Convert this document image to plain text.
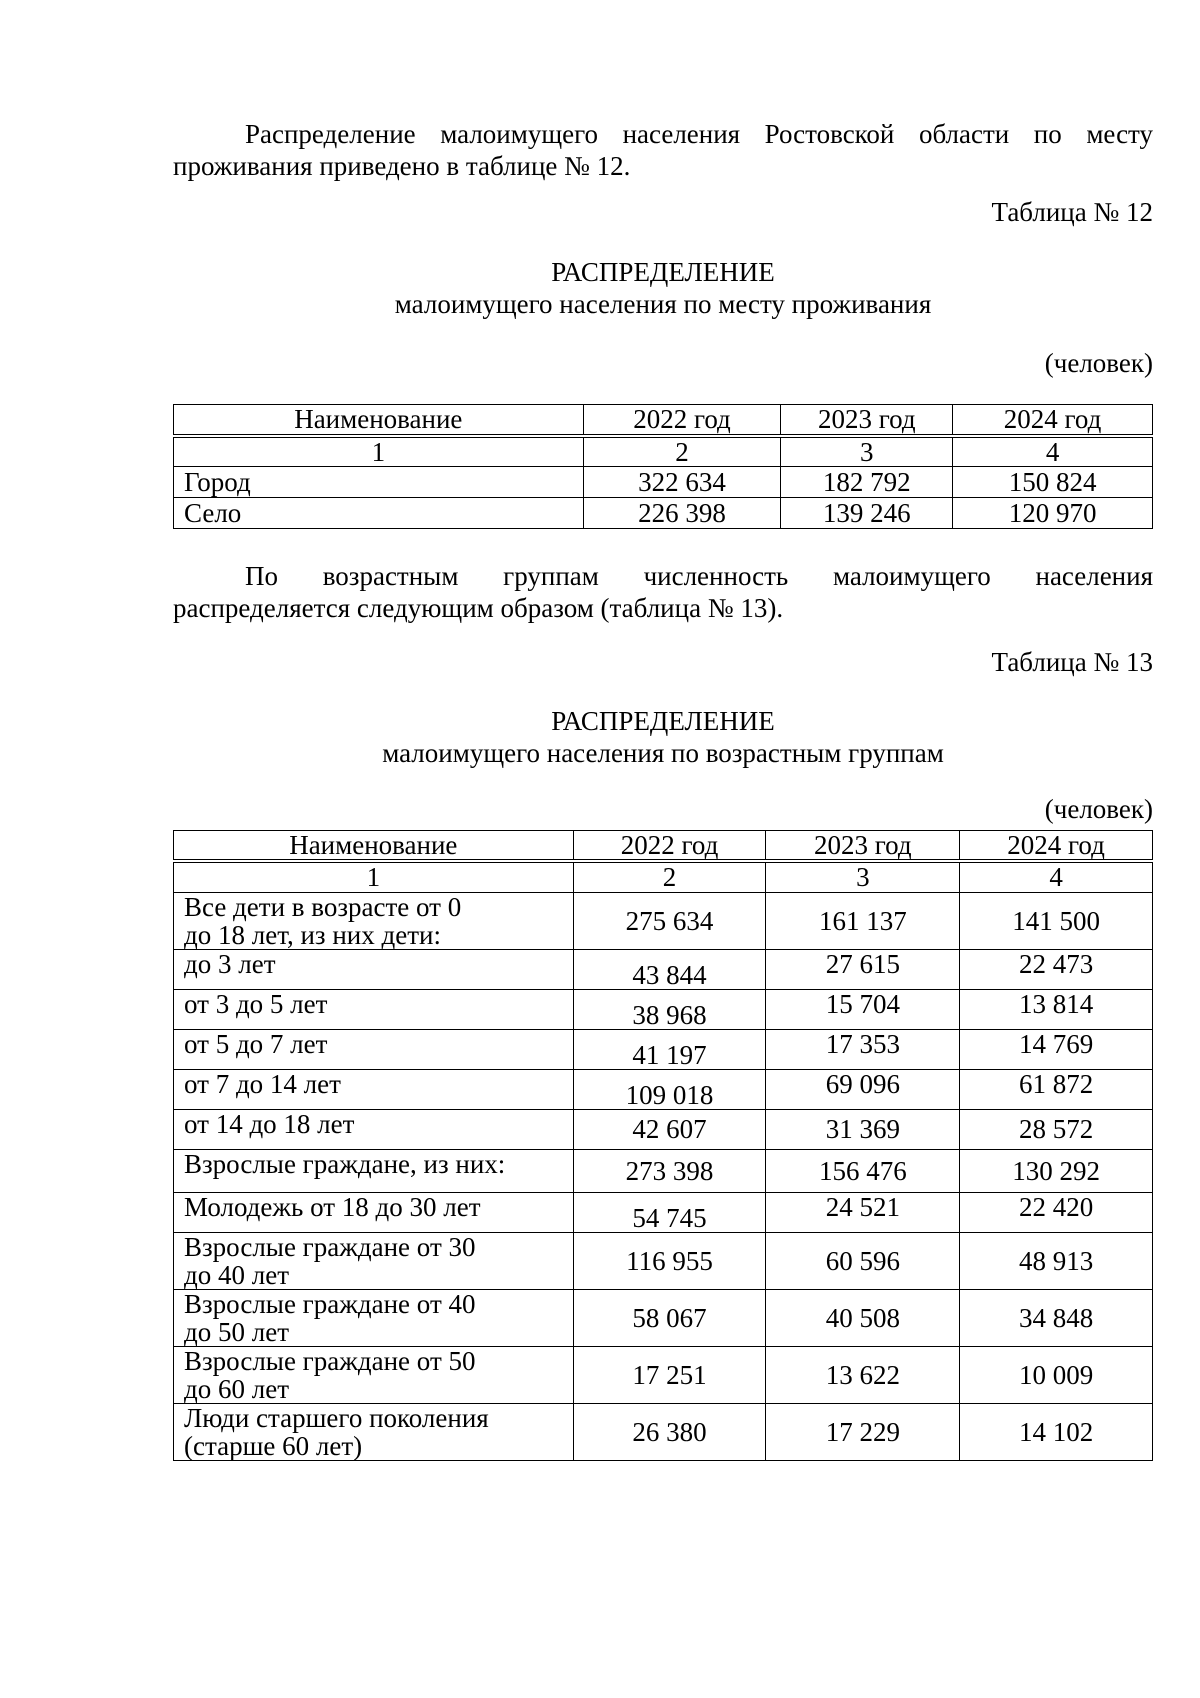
Распределение малоимущего населения Ростовской области по месту
проживания приведено в таблице № 12.
Таблица № 12
РАСПРЕДЕЛЕНИЕ
малоимущего населения по месту проживания
(человек)
Наименование	2022 год	2023 год	2024 год
1	2	3	4
Город	322 634	182 792	150 824
Село	226 398	139 246	120 970
По возрастным группам численность малоимущего населения
распределяется следующим образом (таблица № 13).
Таблица № 13
РАСПРЕДЕЛЕНИЕ
малоимущего населения по возрастным группам
(человек)
Наименование	2022 год	2023 год	2024 год
1	2	3	4

Все дети в возрасте от 0
до 18 лет, из них дети:	275 634	161 137	141 500
до 3 лет	43 844	27 615	22 473
от 3 до 5 лет	38 968	15 704	13 814
от 5 до 7 лет	41 197	17 353	14 769
от 7 до 14 лет	109 018	69 096	61 872
от 14 до 18 лет	42 607	31 369	28 572
Взрослые граждане, из них:	273 398	156 476	130 292
Молодежь от 18 до 30 лет	54 745	24 521	22 420

Взрослые граждане от 30
до 40 лет	116 955	60 596	48 913

Взрослые граждане от 40
до 50 лет	58 067	40 508	34 848

Взрослые граждане от 50
до 60 лет	17 251	13 622	10 009

Люди старшего поколения
(старше 60 лет)	26 380	17 229	14 102
